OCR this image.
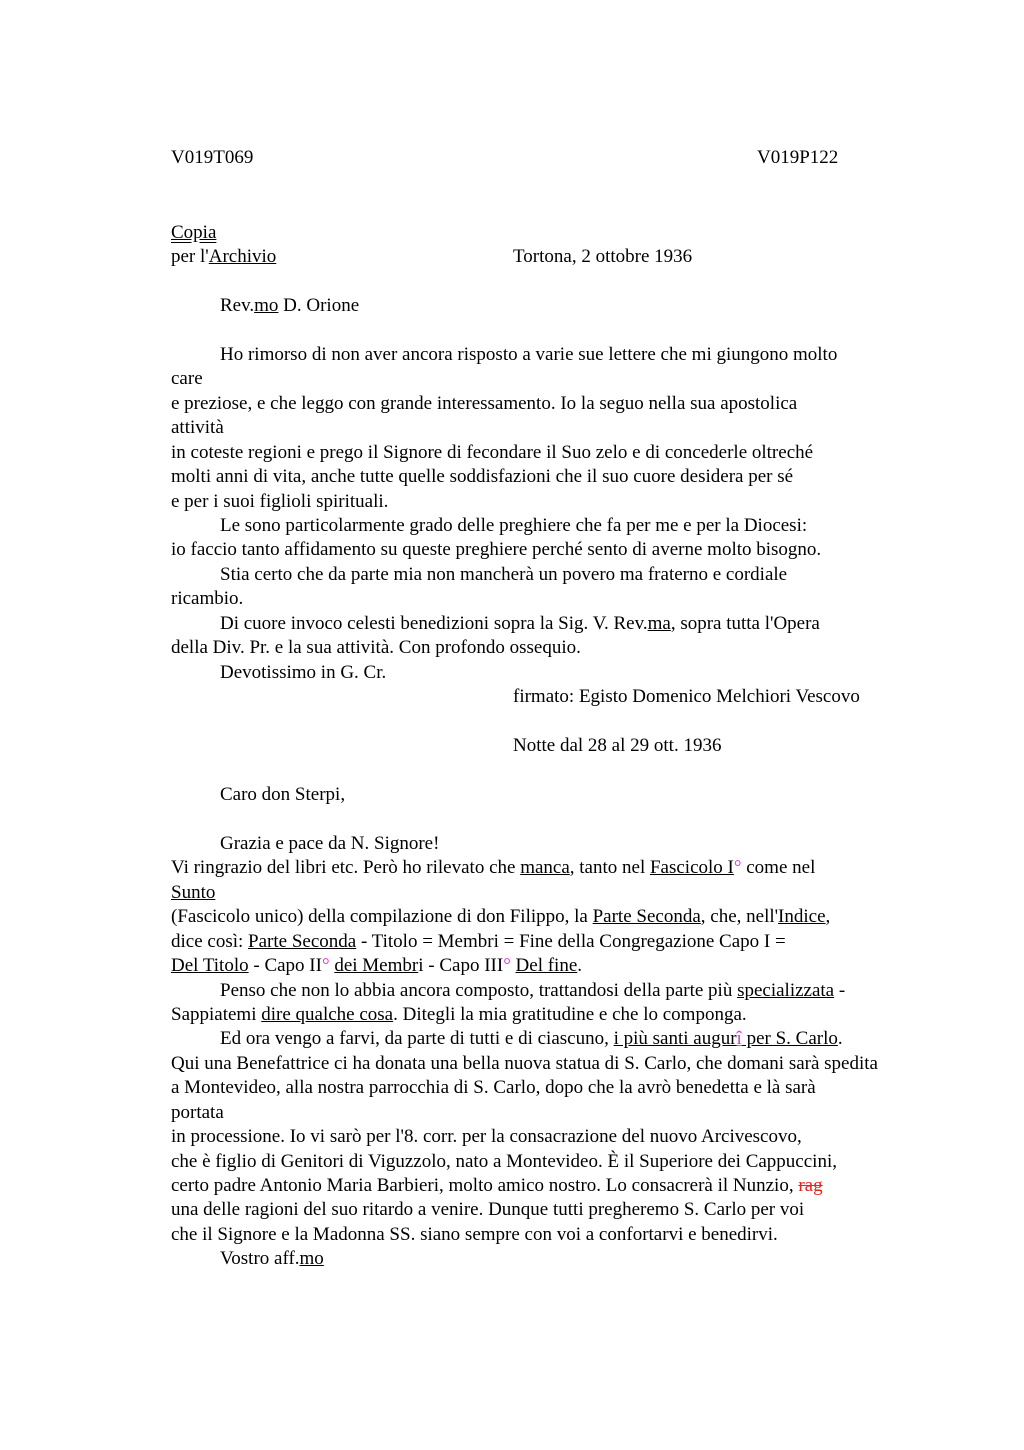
V019T069	V019P122
Copia
per l'Archivio	Tortona, 2 ottobre 1936
Rev.mo D. Orione
Ho rimorso di non aver ancora risposto a varie sue lettere che mi giungono molto
care
e preziose, e che leggo con grande interessamento. Io la seguo nella sua apostolica
attività
in coteste regioni e prego il Signore di fecondare il Suo zelo e di concederle oltreché
molti anni di vita, anche tutte quelle soddisfazioni che il suo cuore desidera per sé
e per i suoi figlioli spirituali.
Le sono particolarmente grado delle preghiere che fa per me e per la Diocesi:
io faccio tanto affidamento su queste preghiere perché sento di averne molto bisogno.
Stia certo che da parte mia non mancherà un povero ma fraterno e cordiale
ricambio.
Di cuore invoco celesti benedizioni sopra la Sig. V. Rev.ma, sopra tutta l'Opera
della Div. Pr. e la sua attività. Con profondo ossequio.
Devotissimo in G. Cr.
firmato: Egisto Domenico Melchiori Vescovo
Notte dal 28 al 29 ott. 1936
Caro don Sterpi,
Grazia e pace da N. Signore!
Vi ringrazio del libri etc. Però ho rilevato che manca, tanto nel Fascicolo I° come nel
Sunto
(Fascicolo unico) della compilazione di don Filippo, la Parte Seconda, che, nell'Indice,
dice così: Parte Seconda - Titolo = Membri = Fine della Congregazione Capo I =
Del Titolo - Capo II° dei Membri - Capo III° Del fine.
Penso che non lo abbia ancora composto, trattandosi della parte più specializzata -
Sappiatemi dire qualche cosa. Ditegli la mia gratitudine e che lo componga.
Ed ora vengo a farvi, da parte di tutti e di ciascuno, i più santi augurî per S. Carlo.
Qui una Benefattrice ci ha donata una bella nuova statua di S. Carlo, che domani sarà spedita
a Montevideo, alla nostra parrocchia di S. Carlo, dopo che la avrò benedetta e là sarà
portata
in processione. Io vi sarò per l'8. corr. per la consacrazione del nuovo Arcivescovo,
che è figlio di Genitori di Viguzzolo, nato a Montevideo. È il Superiore dei Cappuccini,
certo padre Antonio Maria Barbieri, molto amico nostro. Lo consacrerà il Nunzio, rag
una delle ragioni del suo ritardo a venire. Dunque tutti pregheremo S. Carlo per voi
che il Signore e la Madonna SS. siano sempre con voi a confortarvi e benedirvi.
Vostro aff.mo
